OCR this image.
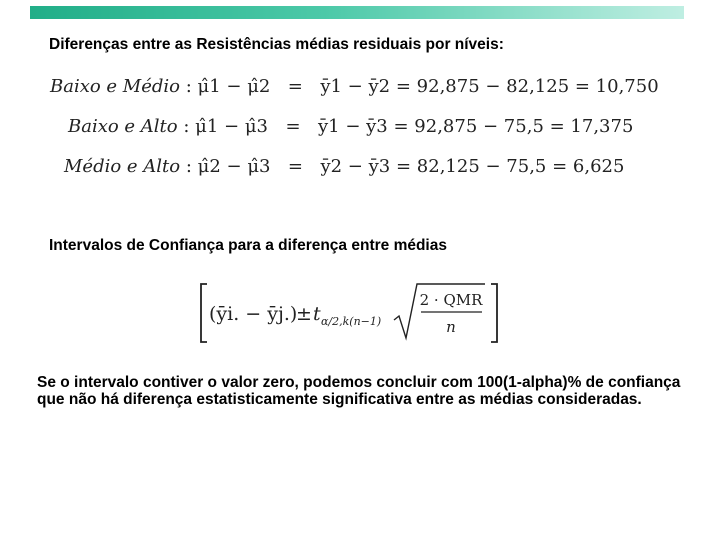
Diferenças entre as Resistências médias residuais por níveis:
Baixo e Médio : μ̂1 − μ̂2 = ȳ1 − ȳ2
= 92,875 − 82,125 = 10,750
Baixo e Alto : μ̂1 − μ̂3 = ȳ1 − ȳ3
= 92,875 − 75,5 = 17,375
Médio e Alto : μ̂2 − μ̂3 = ȳ2 − ȳ3
= 82,125 − 75,5 = 6,625
Intervalos de Confiança para a diferença entre médias
(ȳi. − ȳj.)
± t α/2,k(n−1)
2 · QMR
n
Se o intervalo contiver o valor zero, podemos concluir com 100(1-alpha)% de confiança que não há diferença estatisticamente significativa entre as médias consideradas.
